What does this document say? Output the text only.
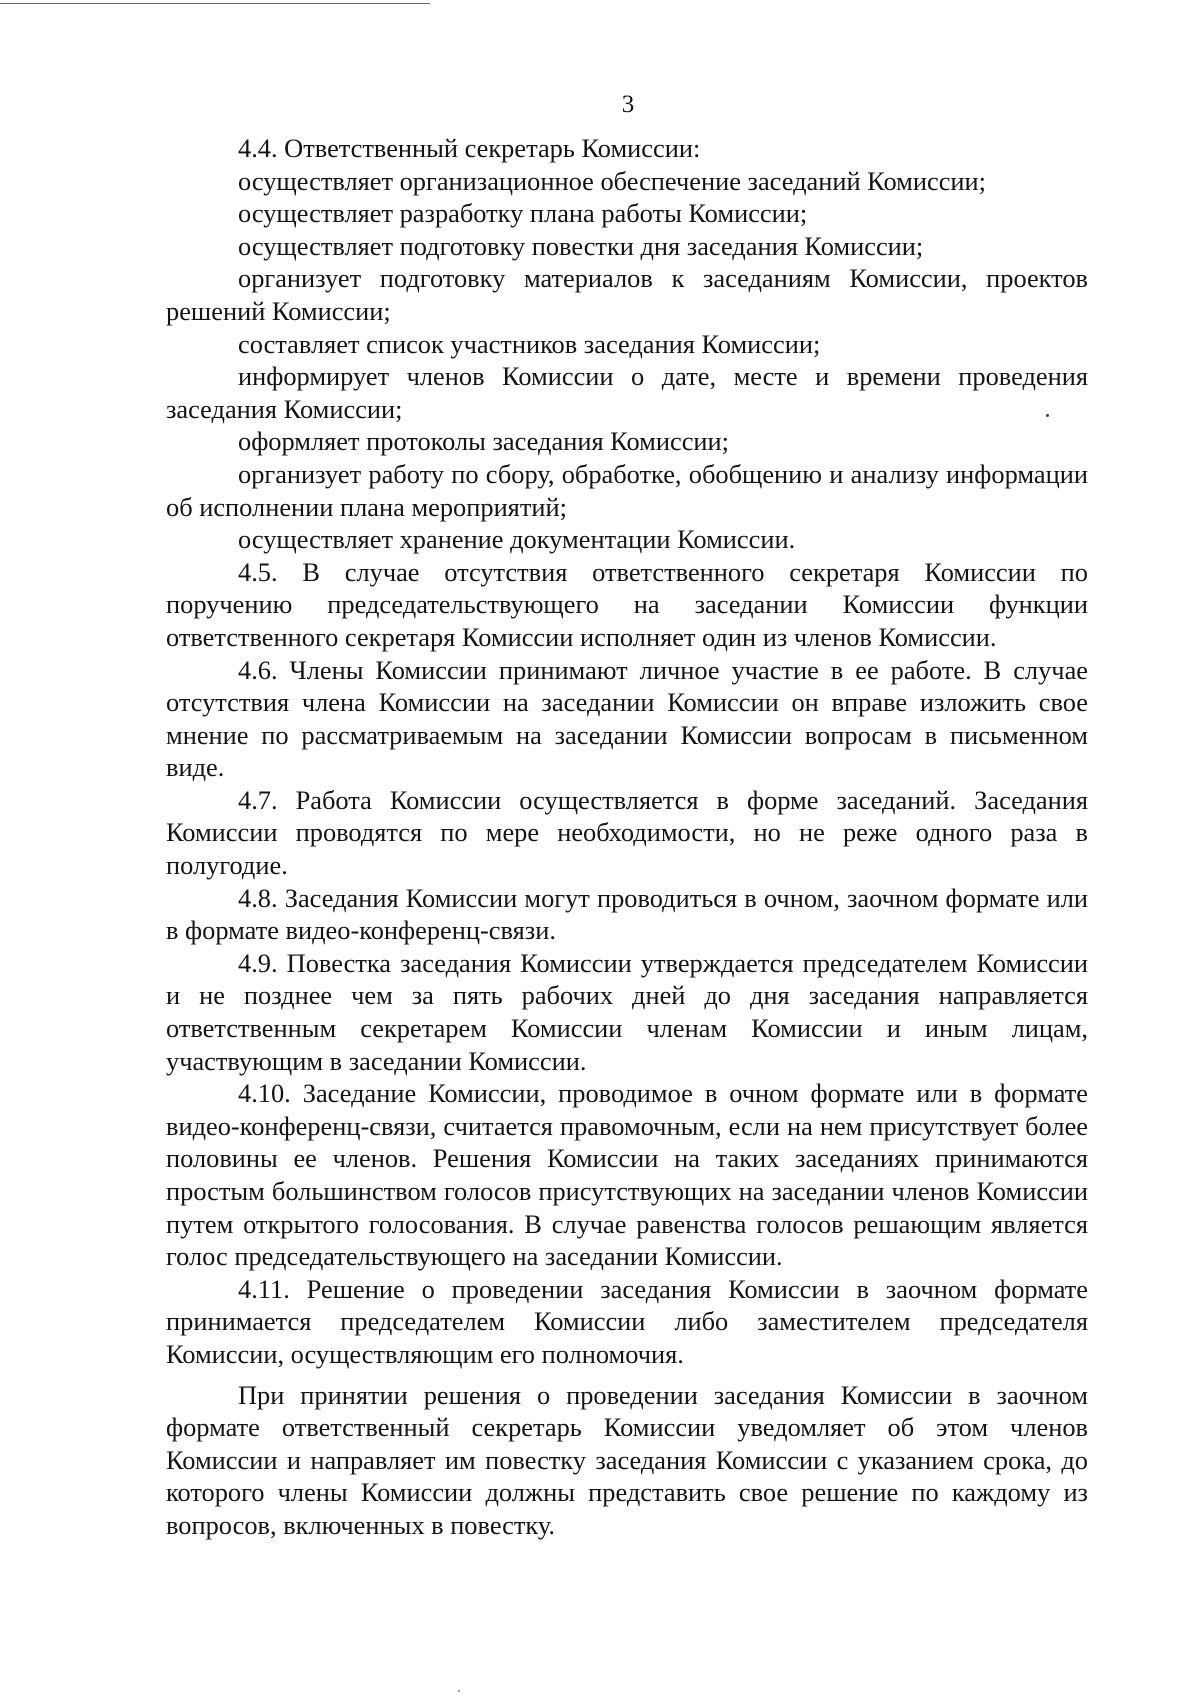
3

4.4. Ответственный секретарь Комиссии:

осуществляет организационное обеспечение заседаний Комиссии;

осуществляет разработку плана работы Комиссии;

осуществляет подготовку повестки дня заседания Комиссии;

организует подготовку материалов к заседаниям Комиссии, проектов решений Комиссии;

составляет список участников заседания Комиссии;

информирует членов Комиссии о дате, месте и времени проведения заседания Комиссии;

оформляет протоколы заседания Комиссии;

организует работу по сбору, обработке, обобщению и анализу информации об исполнении плана мероприятий;

осуществляет хранение документации Комиссии.

4.5. В случае отсутствия ответственного секретаря Комиссии по поручению председательствующего на заседании Комиссии функции ответственного секретаря Комиссии исполняет один из членов Комиссии.

4.6. Члены Комиссии принимают личное участие в ее работе. В случае отсутствия члена Комиссии на заседании Комиссии он вправе изложить свое мнение по рассматриваемым на заседании Комиссии вопросам в письменном виде.

4.7. Работа Комиссии осуществляется в форме заседаний. Заседания Комиссии проводятся по мере необходимости, но не реже одного раза в полугодие.

4.8. Заседания Комиссии могут проводиться в очном, заочном формате или в формате видео-конференц-связи.

4.9. Повестка заседания Комиссии утверждается председателем Комиссии и не позднее чем за пять рабочих дней до дня заседания направляется ответственным секретарем Комиссии членам Комиссии и иным лицам, участвующим в заседании Комиссии.

4.10. Заседание Комиссии, проводимое в очном формате или в формате видео-конференц-связи, считается правомочным, если на нем присутствует более половины ее членов. Решения Комиссии на таких заседаниях принимаются простым большинством голосов присутствующих на заседании членов Комиссии путем открытого голосования. В случае равенства голосов решающим является голос председательствующего на заседании Комиссии.

4.11. Решение о проведении заседания Комиссии в заочном формате принимается председателем Комиссии либо заместителем председателя Комиссии, осуществляющим его полномочия.

При принятии решения о проведении заседания Комиссии в заочном формате ответственный секретарь Комиссии уведомляет об этом членов Комиссии и направляет им повестку заседания Комиссии с указанием срока, до которого члены Комиссии должны представить свое решение по каждому из вопросов, включенных в повестку.
